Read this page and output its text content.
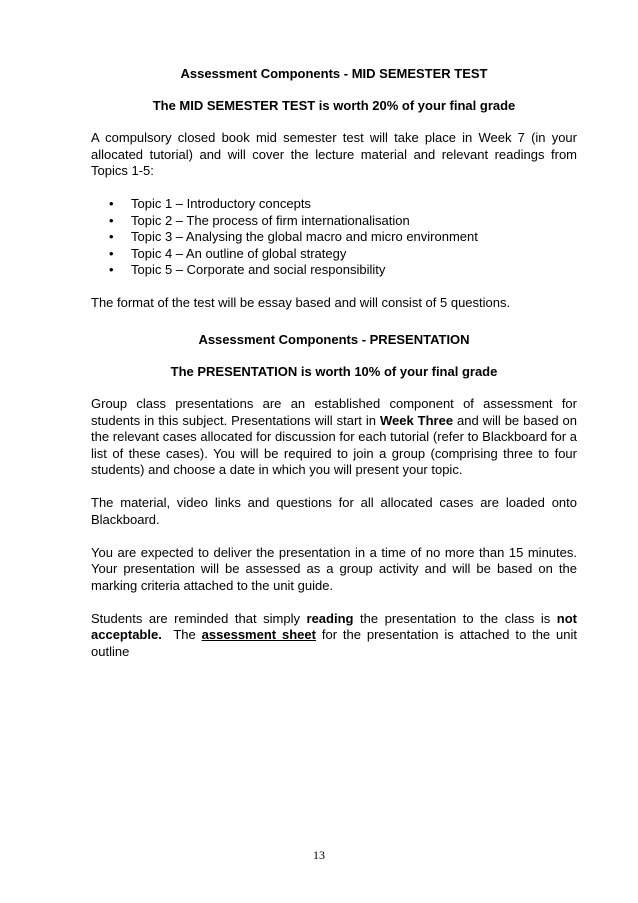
Assessment Components - MID SEMESTER TEST

The MID SEMESTER TEST is worth 20% of your final grade

A compulsory closed book mid semester test will take place in Week 7 (in your allocated tutorial) and will cover the lecture material and relevant readings from Topics 1-5:

• Topic 1 – Introductory concepts
• Topic 2 – The process of firm internationalisation
• Topic 3 – Analysing the global macro and micro environment
• Topic 4 – An outline of global strategy
• Topic 5 – Corporate and social responsibility

The format of the test will be essay based and will consist of 5 questions.

Assessment Components - PRESENTATION

The PRESENTATION is worth 10% of your final grade

Group class presentations are an established component of assessment for students in this subject. Presentations will start in Week Three and will be based on the relevant cases allocated for discussion for each tutorial (refer to Blackboard for a list of these cases). You will be required to join a group (comprising three to four students) and choose a date in which you will present your topic.

The material, video links and questions for all allocated cases are loaded onto Blackboard.

You are expected to deliver the presentation in a time of no more than 15 minutes. Your presentation will be assessed as a group activity and will be based on the marking criteria attached to the unit guide.

Students are reminded that simply reading the presentation to the class is not acceptable.  The assessment sheet for the presentation is attached to the unit outline

13
